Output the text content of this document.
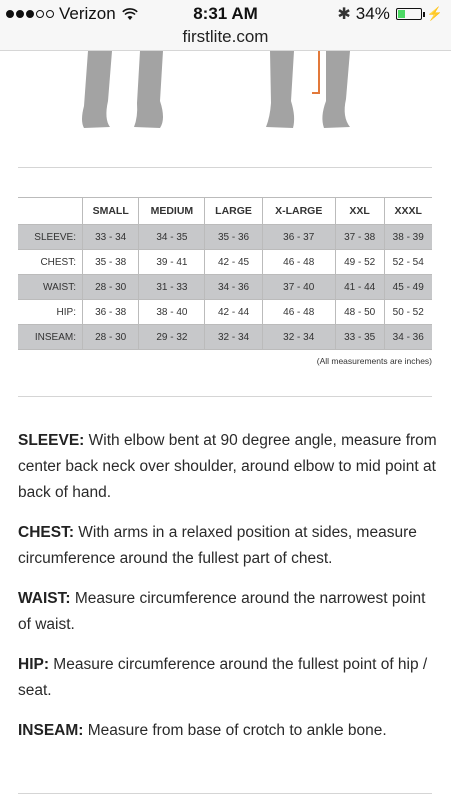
Verizon	8:31 AM	✱ 34%	⚡
firstlite.com
	SMALL	MEDIUM	LARGE	X-LARGE	XXL	XXXL
SLEEVE:	33 - 34	34 - 35	35 - 36	36 - 37	37 - 38	38 - 39
CHEST:	35 - 38	39 - 41	42 - 45	46 - 48	49 - 52	52 - 54
WAIST:	28 - 30	31 - 33	34 - 36	37 - 40	41 - 44	45 - 49
HIP:	36 - 38	38 - 40	42 - 44	46 - 48	48 - 50	50 - 52
INSEAM:	28 - 30	29 - 32	32 - 34	32 - 34	33 - 35	34 - 36
(All measurements are inches)

SLEEVE: With elbow bent at 90 degree angle, measure from center back neck over shoulder, around elbow to mid point at back of hand.

CHEST: With arms in a relaxed position at sides, measure circumference around the fullest part of chest.

WAIST: Measure circumference around the narrowest point of waist.

HIP: Measure circumference around the fullest point of hip / seat.

INSEAM: Measure from base of crotch to ankle bone.
